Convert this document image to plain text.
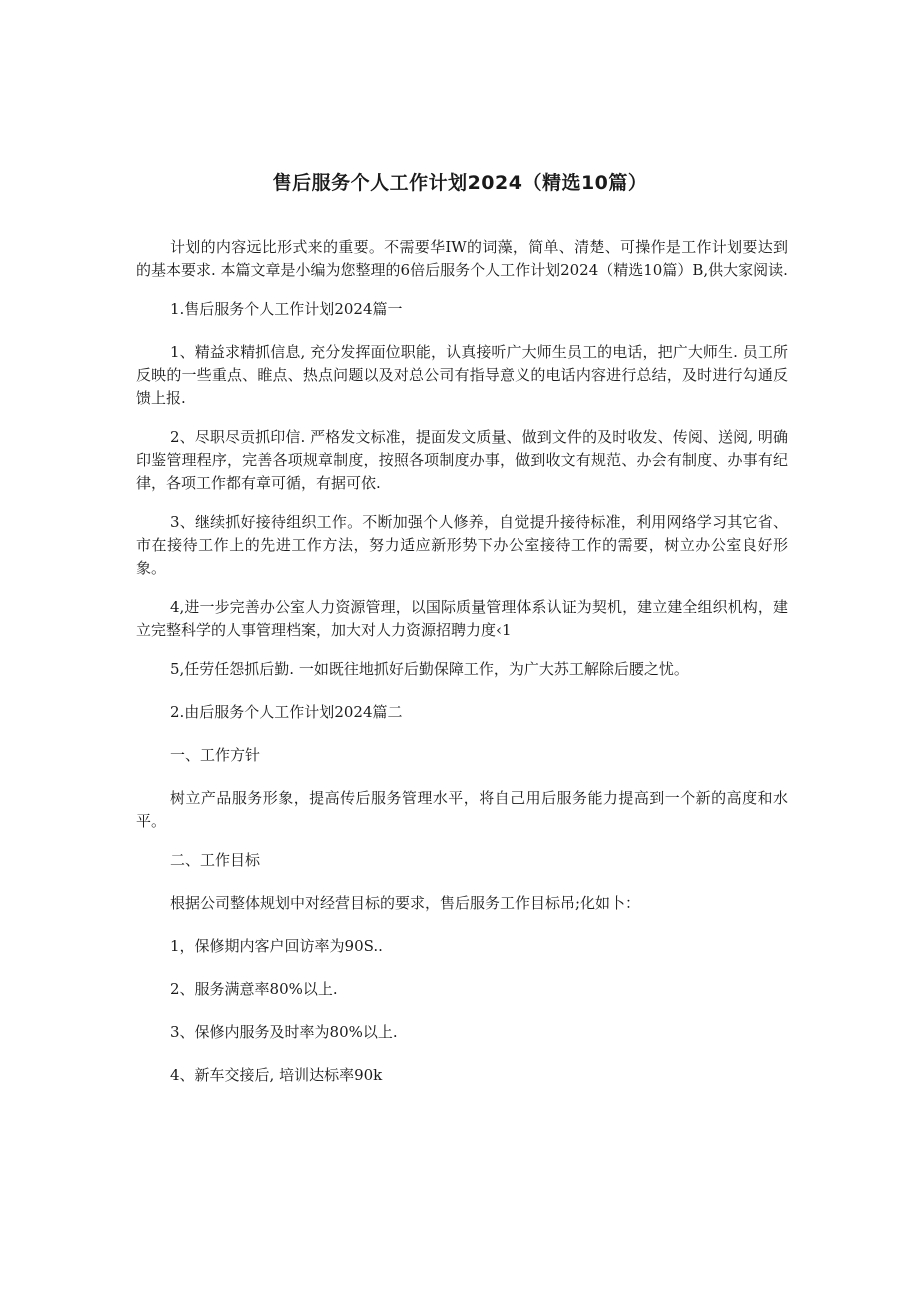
售后服务个人工作计划2024（精选10篇）

计划的内容远比形式来的重要。不需要华IW的词藻，简单、清楚、可操作是工作计划要达到的基本要求. 本篇文章是小编为您整理的6倍后服务个人工作计划2024（精选10篇）B,供大家阅读.

1.售后服务个人工作计划2024篇一

1、精益求精抓信息, 充分发挥面位职能，认真接听广大师生员工的电话，把广大师生. 员工所反映的一些重点、睢点、热点问题以及对总公司有指导意义的电话内容进行总结，及时进行勾通反馈上报.

2、尽职尽贡抓印信. 严格发文标准，提面发文质量、做到文件的及时收发、传阅、送阅, 明确印鉴管理程序，完善各项规章制度，按照各项制度办事，做到收文有规范、办会有制度、办事有纪律，各项工作都有章可循，有据可依.

3、继续抓好接待组织工作。不断加强个人修养，自觉提升接待标准，利用网络学习其它省、市在接待工作上的先进工作方法，努力适应新形势下办公室接待工作的需要，树立办公室良好形象。

4,进一步完善办公室人力资源管理，以国际质量管理体系认证为契机，建立建全组织机构，建立完整科学的人事管理档案，加大对人力资源招聘力度‹1

5,任劳任怨抓后勤. 一如既往地抓好后勤保障工作，为广大苏工解除后腰之忧。

2.由后服务个人工作计划2024篇二

一、工作方针

树立产品服务形象，提高传后服务管理水平，将自己用后服务能力提高到一个新的高度和水平。

二、工作目标

根据公司整体规划中对经营目标的要求，售后服务工作目标吊;化如卜：

1，保修期内客户回访率为90S..

2、服务满意率80%以上.

3、保修内服务及时率为80%以上.

4、新车交接后, 培训达标率90k
